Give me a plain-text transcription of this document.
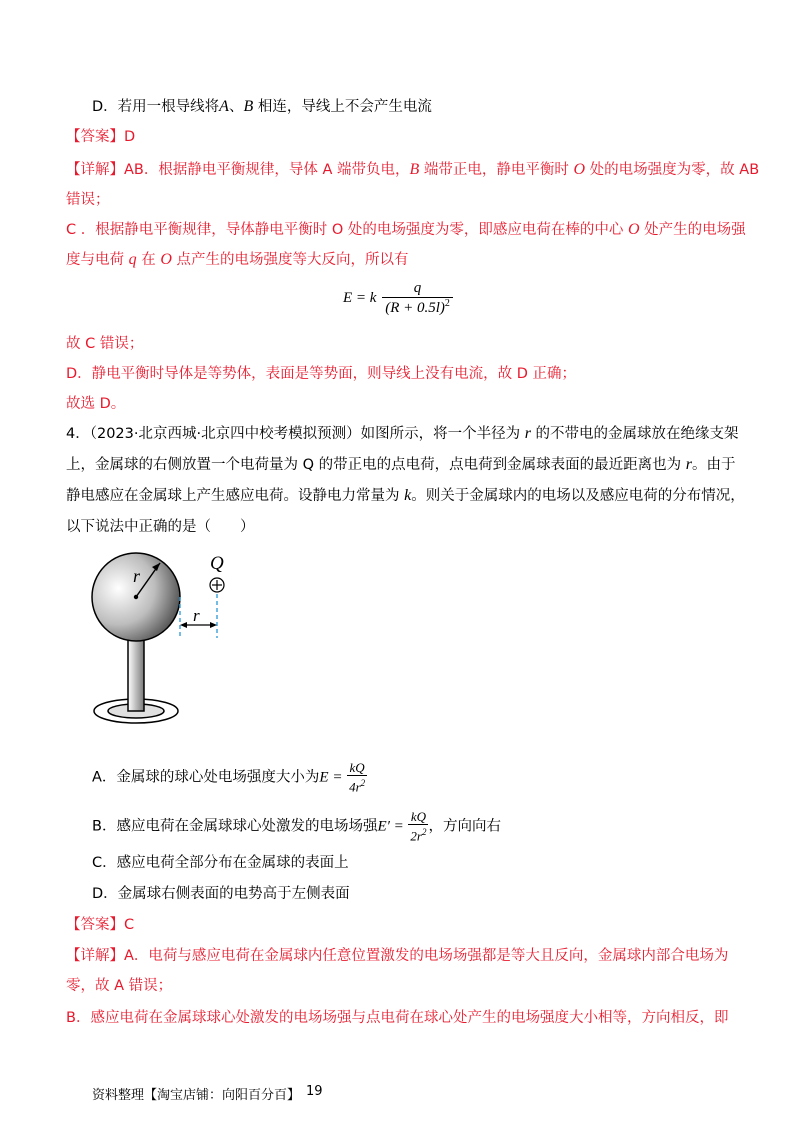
D．若用一根导线将A、B 相连，导线上不会产生电流
【答案】D
【详解】AB．根据静电平衡规律，导体 A 端带负电，B 端带正电，静电平衡时 O 处的电场强度为零，故 AB
错误；
C ．根据静电平衡规律，导体静电平衡时 O 处的电场强度为零，即感应电荷在棒的中心 O 处产生的电场强
度与电荷 q 在 O 点产生的电场强度等大反向，所以有
E = k $\frac{q}{(R + 0.5l)^2}$
故 C 错误；
D．静电平衡时导体是等势体，表面是等势面，则导线上没有电流，故 D 正确；
故选 D。
4．（2023·北京西城·北京四中校考模拟预测）如图所示，将一个半径为 r 的不带电的金属球放在绝缘支架
上，金属球的右侧放置一个电荷量为 Q 的带正电的点电荷，点电荷到金属球表面的最近距离也为 r。由于
静电感应在金属球上产生感应电荷。设静电力常量为 k。则关于金属球内的电场以及感应电荷的分布情况，
以下说法中正确的是（　　）
r
Q
r
A．金属球的球心处电场强度大小为$E = \frac{kQ}{4r^2}$
B．感应电荷在金属球球心处激发的电场场强$E' = \frac{kQ}{2r^2}$ ，方向向右
C．感应电荷全部分布在金属球的表面上
D．金属球右侧表面的电势高于左侧表面
【答案】C
【详解】A．电荷与感应电荷在金属球内任意位置激发的电场场强都是等大且反向，金属球内部合电场为
零，故 A 错误；
B．感应电荷在金属球球心处激发的电场场强与点电荷在球心处产生的电场强度大小相等，方向相反，即
资料整理【淘宝店铺：向阳百分百】 19
